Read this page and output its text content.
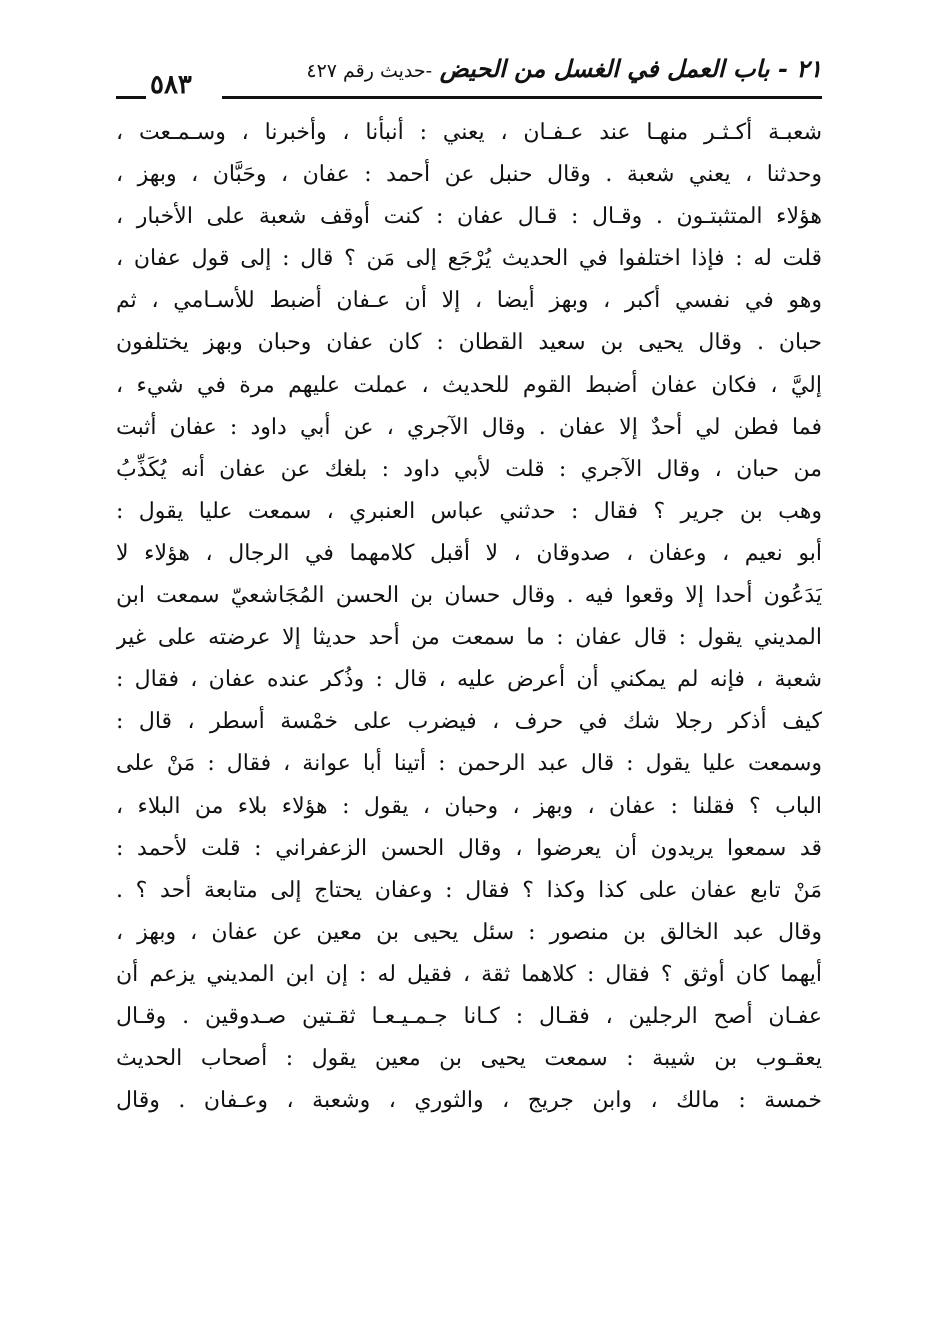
٢١ - باب العمل في الغسل من الحيض -حديث رقم ٤٢٧
٥٨٣
شعبـة أكـثـر منهـا عند عـفـان ، يعني : أنبأنا ، وأخبرنا ، وسـمـعت ،
وحدثنا ، يعني شعبة . وقال حنبل عن أحمد : عفان ، وحَبَّان ، وبهز ،
هؤلاء المتثبتـون . وقـال : قـال عفان : كنت أوقف شعبة على الأخبار ،
قلت له : فإذا اختلفوا في الحديث يُرْجَع إلى مَن ؟ قال : إلى قول عفان ،
وهو في نفسي أكبر ، وبهز أيضا ، إلا أن عـفان أضبط للأسـامي ، ثم
حبان . وقال يحيى بن سعيد القطان : كان عفان وحبان وبهز يختلفون
إليَّ ، فكان عفان أضبط القوم للحديث ، عملت عليهم مرة في شيء ،
فما فطن لي أحدٌ إلا عفان . وقال الآجري ، عن أبي داود : عفان أثبت
من حبان ، وقال الآجري : قلت لأبي داود : بلغك عن عفان أنه يُكَذِّبُ
وهب بن جرير ؟ فقال : حدثني عباس العنبري ، سمعت عليا يقول :
أبو نعيم ، وعفان ، صدوقان ، لا أقبل كلامهما في الرجال ، هؤلاء لا
يَدَعُون أحدا إلا وقعوا فيه . وقال حسان بن الحسن المُجَاشعيّ سمعت ابن
المديني يقول : قال عفان : ما سمعت من أحد حديثا إلا عرضته على غير
شعبة ، فإنه لم يمكني أن أعرض عليه ، قال : وذُكر عنده عفان ، فقال :
كيف أذكر رجلا شك في حرف ، فيضرب على خمْسة أسطر ، قال :
وسمعت عليا يقول : قال عبد الرحمن : أتينا أبا عوانة ، فقال : مَنْ على
الباب ؟ فقلنا : عفان ، وبهز ، وحبان ، يقول : هؤلاء بلاء من البلاء ،
قد سمعوا يريدون أن يعرضوا ، وقال الحسن الزعفراني : قلت لأحمد :
مَنْ تابع عفان على كذا وكذا ؟ فقال : وعفان يحتاج إلى متابعة أحد ؟ .
وقال عبد الخالق بن منصور : سئل يحيى بن معين عن عفان ، وبهز ،
أيهما كان أوثق ؟ فقال : كلاهما ثقة ، فقيل له : إن ابن المديني يزعم أن
عفـان أصح الرجلين ، فقـال : كـانا جـمـيـعـا ثقـتين صـدوقين . وقـال
يعقـوب بن شيبة : سمعت يحيى بن معين يقول : أصحاب الحديث
خمسة : مالك ، وابن جريج ، والثوري ، وشعبة ، وعـفان . وقال
